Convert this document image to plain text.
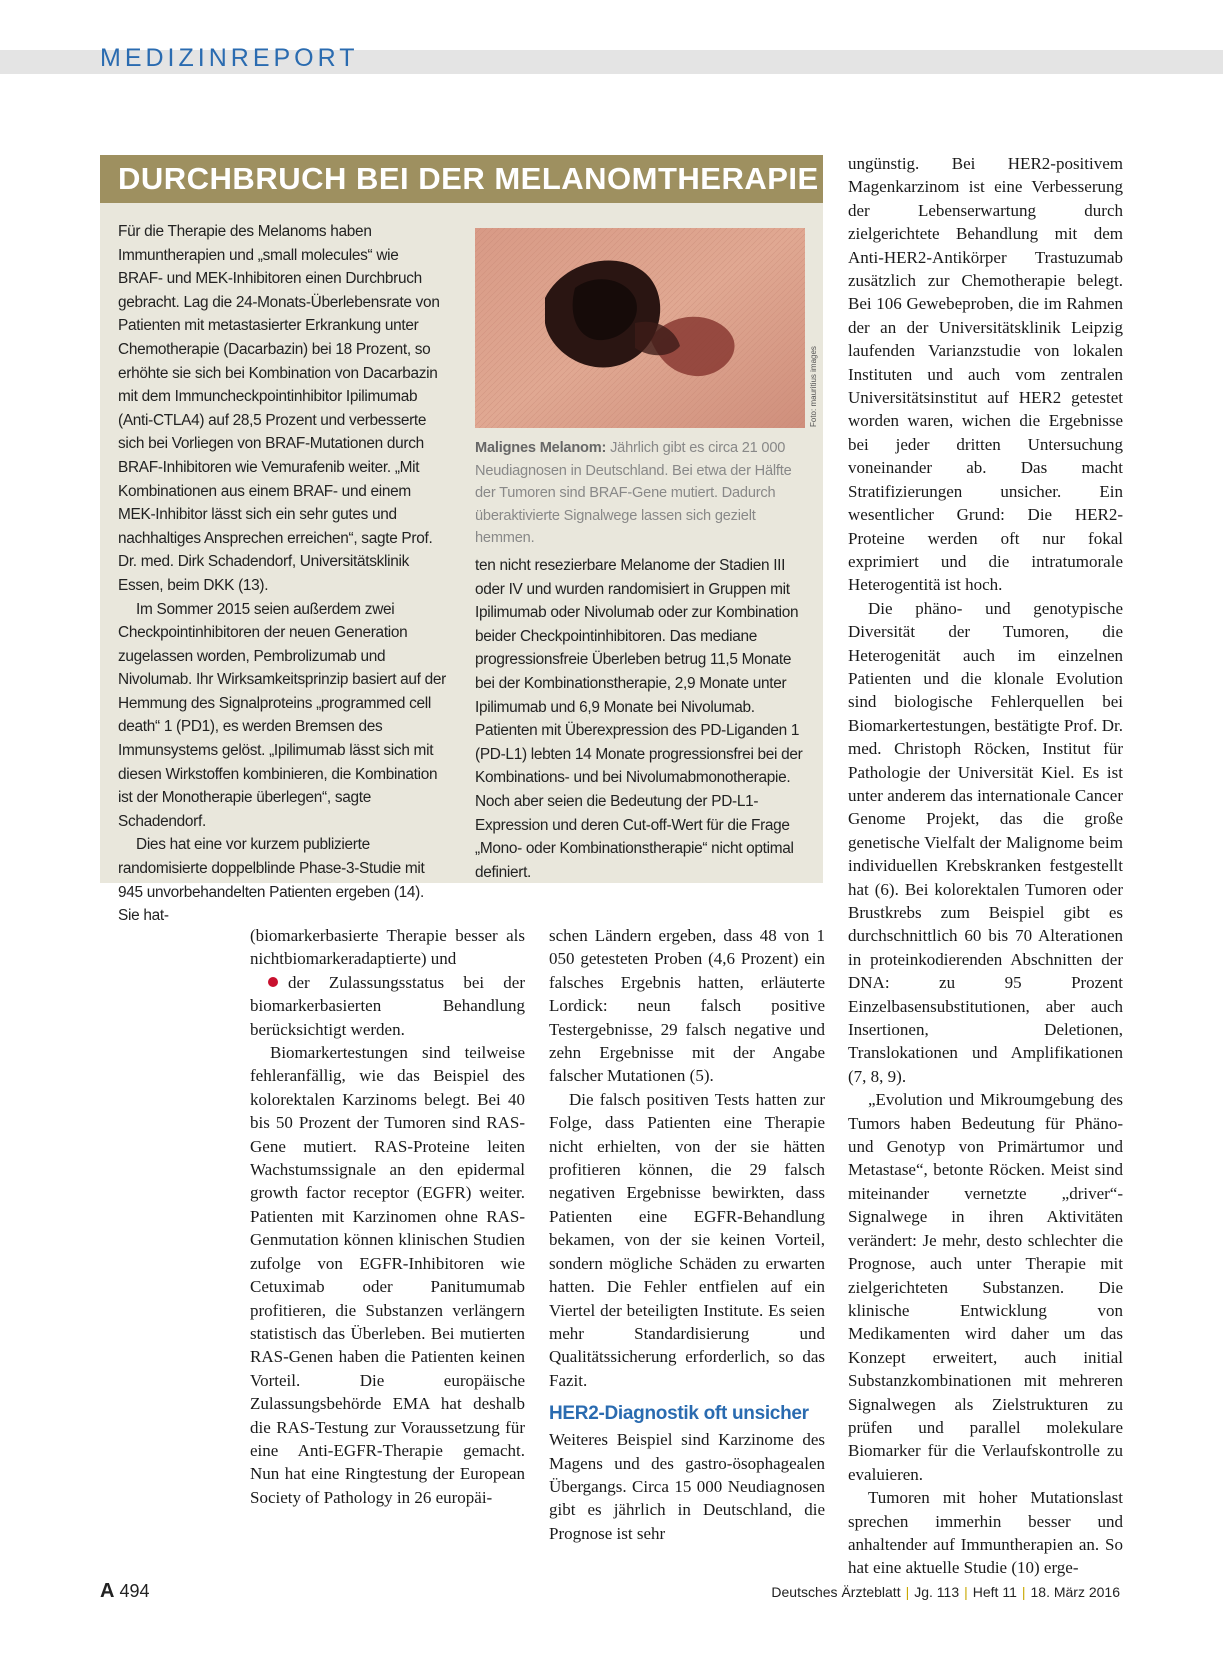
MEDIZINREPORT
DURCHBRUCH BEI DER MELANOMTHERAPIE

Für die Therapie des Melanoms haben Immuntherapien und „small molecules“ wie BRAF- und MEK-Inhibitoren einen Durchbruch gebracht. Lag die 24-Monats-Überlebensrate von Patienten mit metastasierter Erkrankung unter Chemotherapie (Dacarbazin) bei 18 Prozent, so erhöhte sie sich bei Kombination von Dacarbazin mit dem Immuncheckpointinhibitor Ipilimumab (Anti-CTLA4) auf 28,5 Prozent und verbesserte sich bei Vorliegen von BRAF-Mutationen durch BRAF-Inhibitoren wie Vemurafenib weiter. „Mit Kombinationen aus einem BRAF- und einem MEK-Inhibitor lässt sich ein sehr gutes und nachhaltiges Ansprechen erreichen“, sagte Prof. Dr. med. Dirk Schadendorf, Universitätsklinik Essen, beim DKK (13).

Im Sommer 2015 seien außerdem zwei Checkpointinhibitoren der neuen Generation zugelassen worden, Pembrolizumab und Nivolumab. Ihr Wirksamkeitsprinzip basiert auf der Hemmung des Signalproteins „programmed cell death“ 1 (PD1), es werden Bremsen des Immunsystems gelöst. „Ipilimumab lässt sich mit diesen Wirkstoffen kombinieren, die Kombination ist der Monotherapie überlegen“, sagte Schadendorf.

Dies hat eine vor kurzem publizierte randomisierte doppelblinde Phase-3-Studie mit 945 unvorbehandelten Patienten ergeben (14). Sie hat-

Foto: mauritius images
Malignes Melanom: Jährlich gibt es circa 21 000 Neudiagnosen in Deutschland. Bei etwa der Hälfte der Tumoren sind BRAF-Gene mutiert. Dadurch überaktivierte Signalwege lassen sich gezielt hemmen.

ten nicht resezierbare Melanome der Stadien III oder IV und wurden randomisiert in Gruppen mit Ipilimumab oder Nivolumab oder zur Kombination beider Checkpointinhibitoren. Das mediane progressionsfreie Überleben betrug 11,5 Monate bei der Kombinationstherapie, 2,9 Monate unter Ipilimumab und 6,9 Monate bei Nivolumab. Patienten mit Überexpression des PD-Liganden 1 (PD-L1) lebten 14 Monate progressionsfrei bei der Kombinations- und bei Nivolumabmonotherapie. Noch aber seien die Bedeutung der PD-L1-Expression und deren Cut-off-Wert für die Frage „Mono- oder Kombinationstherapie“ nicht optimal definiert.

(biomarkerbasierte Therapie besser als nichtbiomarkeradaptierte) und

der Zulassungsstatus bei der biomarkerbasierten Behandlung berücksichtigt werden.

Biomarkertestungen sind teilweise fehleranfällig, wie das Beispiel des kolorektalen Karzinoms belegt. Bei 40 bis 50 Prozent der Tumoren sind RAS-Gene mutiert. RAS-Proteine leiten Wachstumssignale an den epidermal growth factor receptor (EGFR) weiter. Patienten mit Karzinomen ohne RAS-Genmutation können klinischen Studien zufolge von EGFR-Inhibitoren wie Cetuximab oder Panitumumab profitieren, die Substanzen verlängern statistisch das Überleben. Bei mutierten RAS-Genen haben die Patienten keinen Vorteil. Die europäische Zulassungsbehörde EMA hat deshalb die RAS-Testung zur Voraussetzung für eine Anti-EGFR-Therapie gemacht. Nun hat eine Ringtestung der European Society of Pathology in 26 europäi-

schen Ländern ergeben, dass 48 von 1 050 getesteten Proben (4,6 Prozent) ein falsches Ergebnis hatten, erläuterte Lordick: neun falsch positive Testergebnisse, 29 falsch negative und zehn Ergebnisse mit der Angabe falscher Mutationen (5).

Die falsch positiven Tests hatten zur Folge, dass Patienten eine Therapie nicht erhielten, von der sie hätten profitieren können, die 29 falsch negativen Ergebnisse bewirkten, dass Patienten eine EGFR-Behandlung bekamen, von der sie keinen Vorteil, sondern mögliche Schäden zu erwarten hatten. Die Fehler entfielen auf ein Viertel der beteiligten Institute. Es seien mehr Standardisierung und Qualitätssicherung erforderlich, so das Fazit.

HER2-Diagnostik oft unsicher

Weiteres Beispiel sind Karzinome des Magens und des gastro-ösophagealen Übergangs. Circa 15 000 Neudiagnosen gibt es jährlich in Deutschland, die Prognose ist sehr

ungünstig. Bei HER2-positivem Magenkarzinom ist eine Verbesserung der Lebenserwartung durch zielgerichtete Behandlung mit dem Anti-HER2-Antikörper Trastuzumab zusätzlich zur Chemotherapie belegt. Bei 106 Gewebeproben, die im Rahmen der an der Universitätsklinik Leipzig laufenden Varianzstudie von lokalen Instituten und auch vom zentralen Universitätsinstitut auf HER2 getestet worden waren, wichen die Ergebnisse bei jeder dritten Untersuchung voneinander ab. Das macht Stratifizierungen unsicher. Ein wesentlicher Grund: Die HER2-Proteine werden oft nur fokal exprimiert und die intratumorale Heterogentitä ist hoch.

Die phäno- und genotypische Diversität der Tumoren, die Heterogenität auch im einzelnen Patienten und die klonale Evolution sind biologische Fehlerquellen bei Biomarkertestungen, bestätigte Prof. Dr. med. Christoph Röcken, Institut für Pathologie der Universität Kiel. Es ist unter anderem das internationale Cancer Genome Projekt, das die große genetische Vielfalt der Malignome beim individuellen Krebskranken festgestellt hat (6). Bei kolorektalen Tumoren oder Brustkrebs zum Beispiel gibt es durchschnittlich 60 bis 70 Alterationen in proteinkodierenden Abschnitten der DNA: zu 95 Prozent Einzelbasensubstitutionen, aber auch Insertionen, Deletionen, Translokationen und Amplifikationen (7, 8, 9).

„Evolution und Mikroumgebung des Tumors haben Bedeutung für Phäno- und Genotyp von Primärtumor und Metastase“, betonte Röcken. Meist sind miteinander vernetzte „driver“-Signalwege in ihren Aktivitäten verändert: Je mehr, desto schlechter die Prognose, auch unter Therapie mit zielgerichteten Substanzen. Die klinische Entwicklung von Medikamenten wird daher um das Konzept erweitert, auch initial Substanzkombinationen mit mehreren Signalwegen als Zielstrukturen zu prüfen und parallel molekulare Biomarker für die Verlaufskontrolle zu evaluieren.

Tumoren mit hoher Mutationslast sprechen immerhin besser und anhaltender auf Immuntherapien an. So hat eine aktuelle Studie (10) erge-

A 494	Deutsches Ärzteblatt | Jg. 113 | Heft 11 | 18. März 2016
